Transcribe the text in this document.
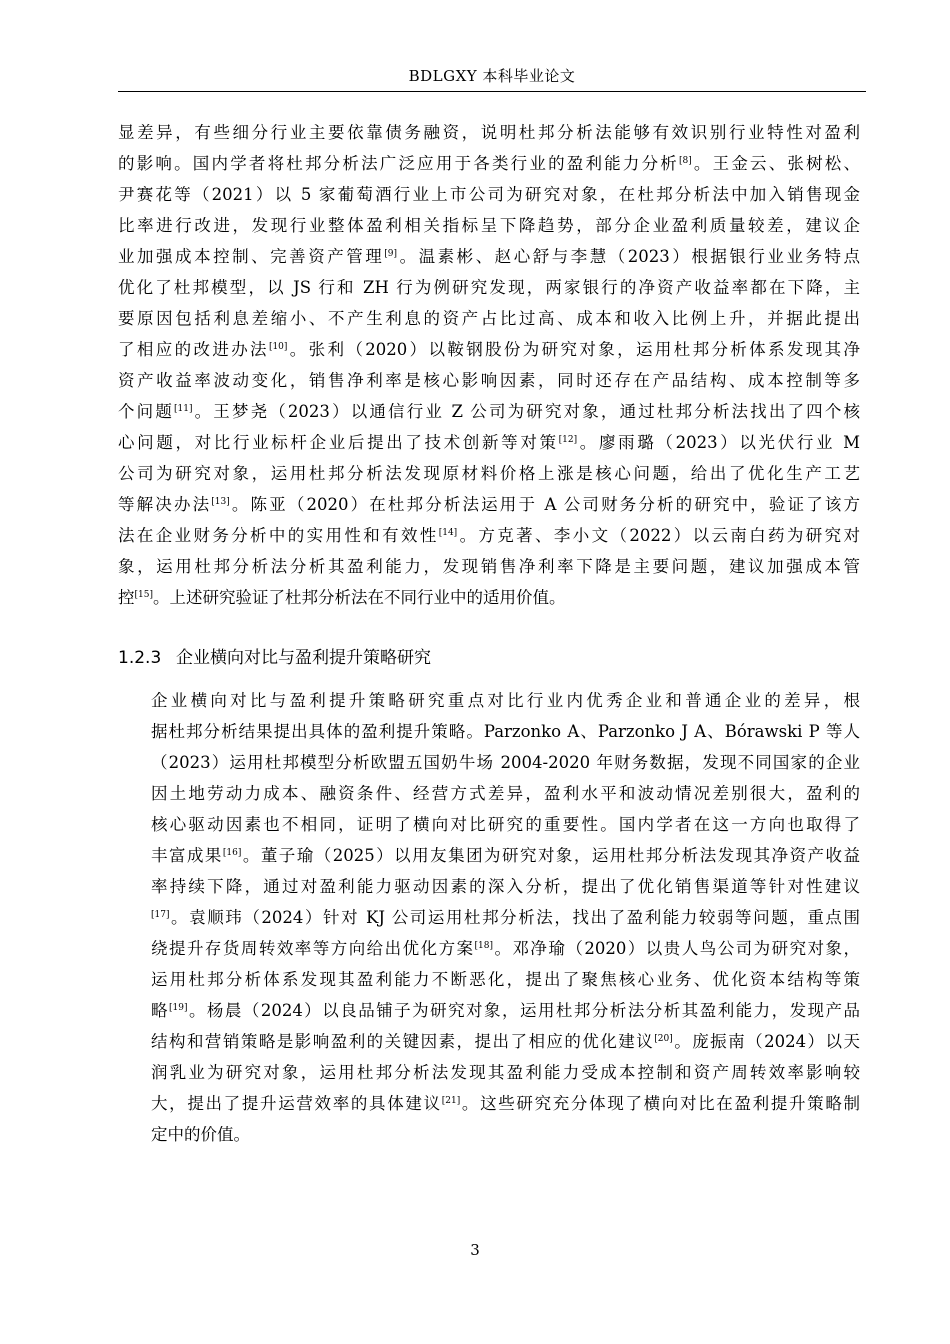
BDLGXY 本科毕业论文
显差异，有些细分行业主要依靠债务融资，说明杜邦分析法能够有效识别行业特性对盈利
的影响。国内学者将杜邦分析法广泛应用于各类行业的盈利能力分析[8]。王金云、张树松、
尹赛花等（2021）以 5 家葡萄酒行业上市公司为研究对象，在杜邦分析法中加入销售现金
比率进行改进，发现行业整体盈利相关指标呈下降趋势，部分企业盈利质量较差，建议企
业加强成本控制、完善资产管理[9]。温素彬、赵心舒与李慧（2023）根据银行业业务特点
优化了杜邦模型，以 JS 行和 ZH 行为例研究发现，两家银行的净资产收益率都在下降，主
要原因包括利息差缩小、不产生利息的资产占比过高、成本和收入比例上升，并据此提出
了相应的改进办法[10]。张利（2020）以鞍钢股份为研究对象，运用杜邦分析体系发现其净
资产收益率波动变化，销售净利率是核心影响因素，同时还存在产品结构、成本控制等多
个问题[11]。王梦尧（2023）以通信行业 Z 公司为研究对象，通过杜邦分析法找出了四个核
心问题，对比行业标杆企业后提出了技术创新等对策[12]。廖雨璐（2023）以光伏行业 M
公司为研究对象，运用杜邦分析法发现原材料价格上涨是核心问题，给出了优化生产工艺
等解决办法[13]。陈亚（2020）在杜邦分析法运用于 A 公司财务分析的研究中，验证了该方
法在企业财务分析中的实用性和有效性[14]。方克著、李小文（2022）以云南白药为研究对
象，运用杜邦分析法分析其盈利能力，发现销售净利率下降是主要问题，建议加强成本管
控[15]。上述研究验证了杜邦分析法在不同行业中的适用价值。
1.2.3 企业横向对比与盈利提升策略研究
企业横向对比与盈利提升策略研究重点对比行业内优秀企业和普通企业的差异，根
据杜邦分析结果提出具体的盈利提升策略。Parzonko A、Parzonko J A、Bórawski P 等人
（2023）运用杜邦模型分析欧盟五国奶牛场 2004-2020 年财务数据，发现不同国家的企业
因土地劳动力成本、融资条件、经营方式差异，盈利水平和波动情况差别很大，盈利的
核心驱动因素也不相同，证明了横向对比研究的重要性。国内学者在这一方向也取得了
丰富成果[16]。董子瑜（2025）以用友集团为研究对象，运用杜邦分析法发现其净资产收益
率持续下降，通过对盈利能力驱动因素的深入分析，提出了优化销售渠道等针对性建议
[17]。袁顺玮（2024）针对 KJ 公司运用杜邦分析法，找出了盈利能力较弱等问题，重点围
绕提升存货周转效率等方向给出优化方案[18]。邓净瑜（2020）以贵人鸟公司为研究对象，
运用杜邦分析体系发现其盈利能力不断恶化，提出了聚焦核心业务、优化资本结构等策
略[19]。杨晨（2024）以良品铺子为研究对象，运用杜邦分析法分析其盈利能力，发现产品
结构和营销策略是影响盈利的关键因素，提出了相应的优化建议[20]。庞振南（2024）以天
润乳业为研究对象，运用杜邦分析法发现其盈利能力受成本控制和资产周转效率影响较
大，提出了提升运营效率的具体建议[21]。这些研究充分体现了横向对比在盈利提升策略制
定中的价值。
3
